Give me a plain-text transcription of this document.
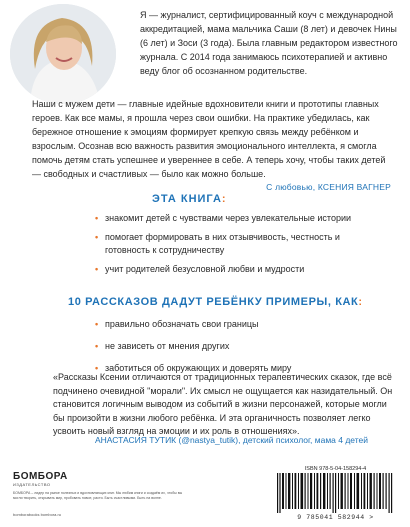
Я — журналист, сертифицированный коуч с международной аккредитацией, мама мальчика Саши (8 лет) и девочек Нины (6 лет) и Зоси (3 года). Была главным редактором известного журнала. С 2014 года занимаюсь психотерапией и активно веду блог об осознанном родительстве.
Наши с мужем дети — главные идейные вдохновители книги и прототипы главных героев. Как все мамы, я прошла через свои ошибки. На практике убедилась, как бережное отношение к эмоциям формирует крепкую связь между ребёнком и взрослым. Осознав всю важность развития эмоционального интеллекта, я смогла помочь детям стать успешнее и увереннее в себе. А теперь хочу, чтобы таких детей — свободных и счастливых — было как можно больше.
С любовью, КСЕНИЯ ВАГНЕР
ЭТА КНИГА:
• знакомит детей с чувствами через увлекательные истории
• помогает формировать в них отзывчивость, честность и готовность к сотрудничеству
• учит родителей безусловной любви и мудрости
10 РАССКАЗОВ ДАДУТ РЕБЁНКУ ПРИМЕРЫ, КАК:
• правильно обозначать свои границы
• не зависеть от мнения других
• заботиться об окружающих и доверять миру
«Рассказы Ксении отличаются от традиционных терапевтических сказок, где всё подчинено очевидной "морали". Их смысл не ощущается как назидательный. Он становится логичным выводом из событий в жизни персонажей, которые могли бы произойти в жизни любого ребёнка. И эта органичность позволяет легко усвоить новый взгляд на эмоции и их роль в отношениях».
АНАСТАСИЯ ТУТИК (@nastya_tutik), детский психолог, мама 4 детей
БОМБОРА
ИЗДАТЕЛЬСТВО
БОМБОРА – лидер на рынке полезных и вдохновляющих книг. Мы любим книги и создаём их, чтобы вы могли творить, открывать мир, пробовать новое, расти. Быть счастливыми. Быть на волне.
bomborabooks bombora.ru
ISBN 978-5-04-158294-4
9 785041 582944 >
